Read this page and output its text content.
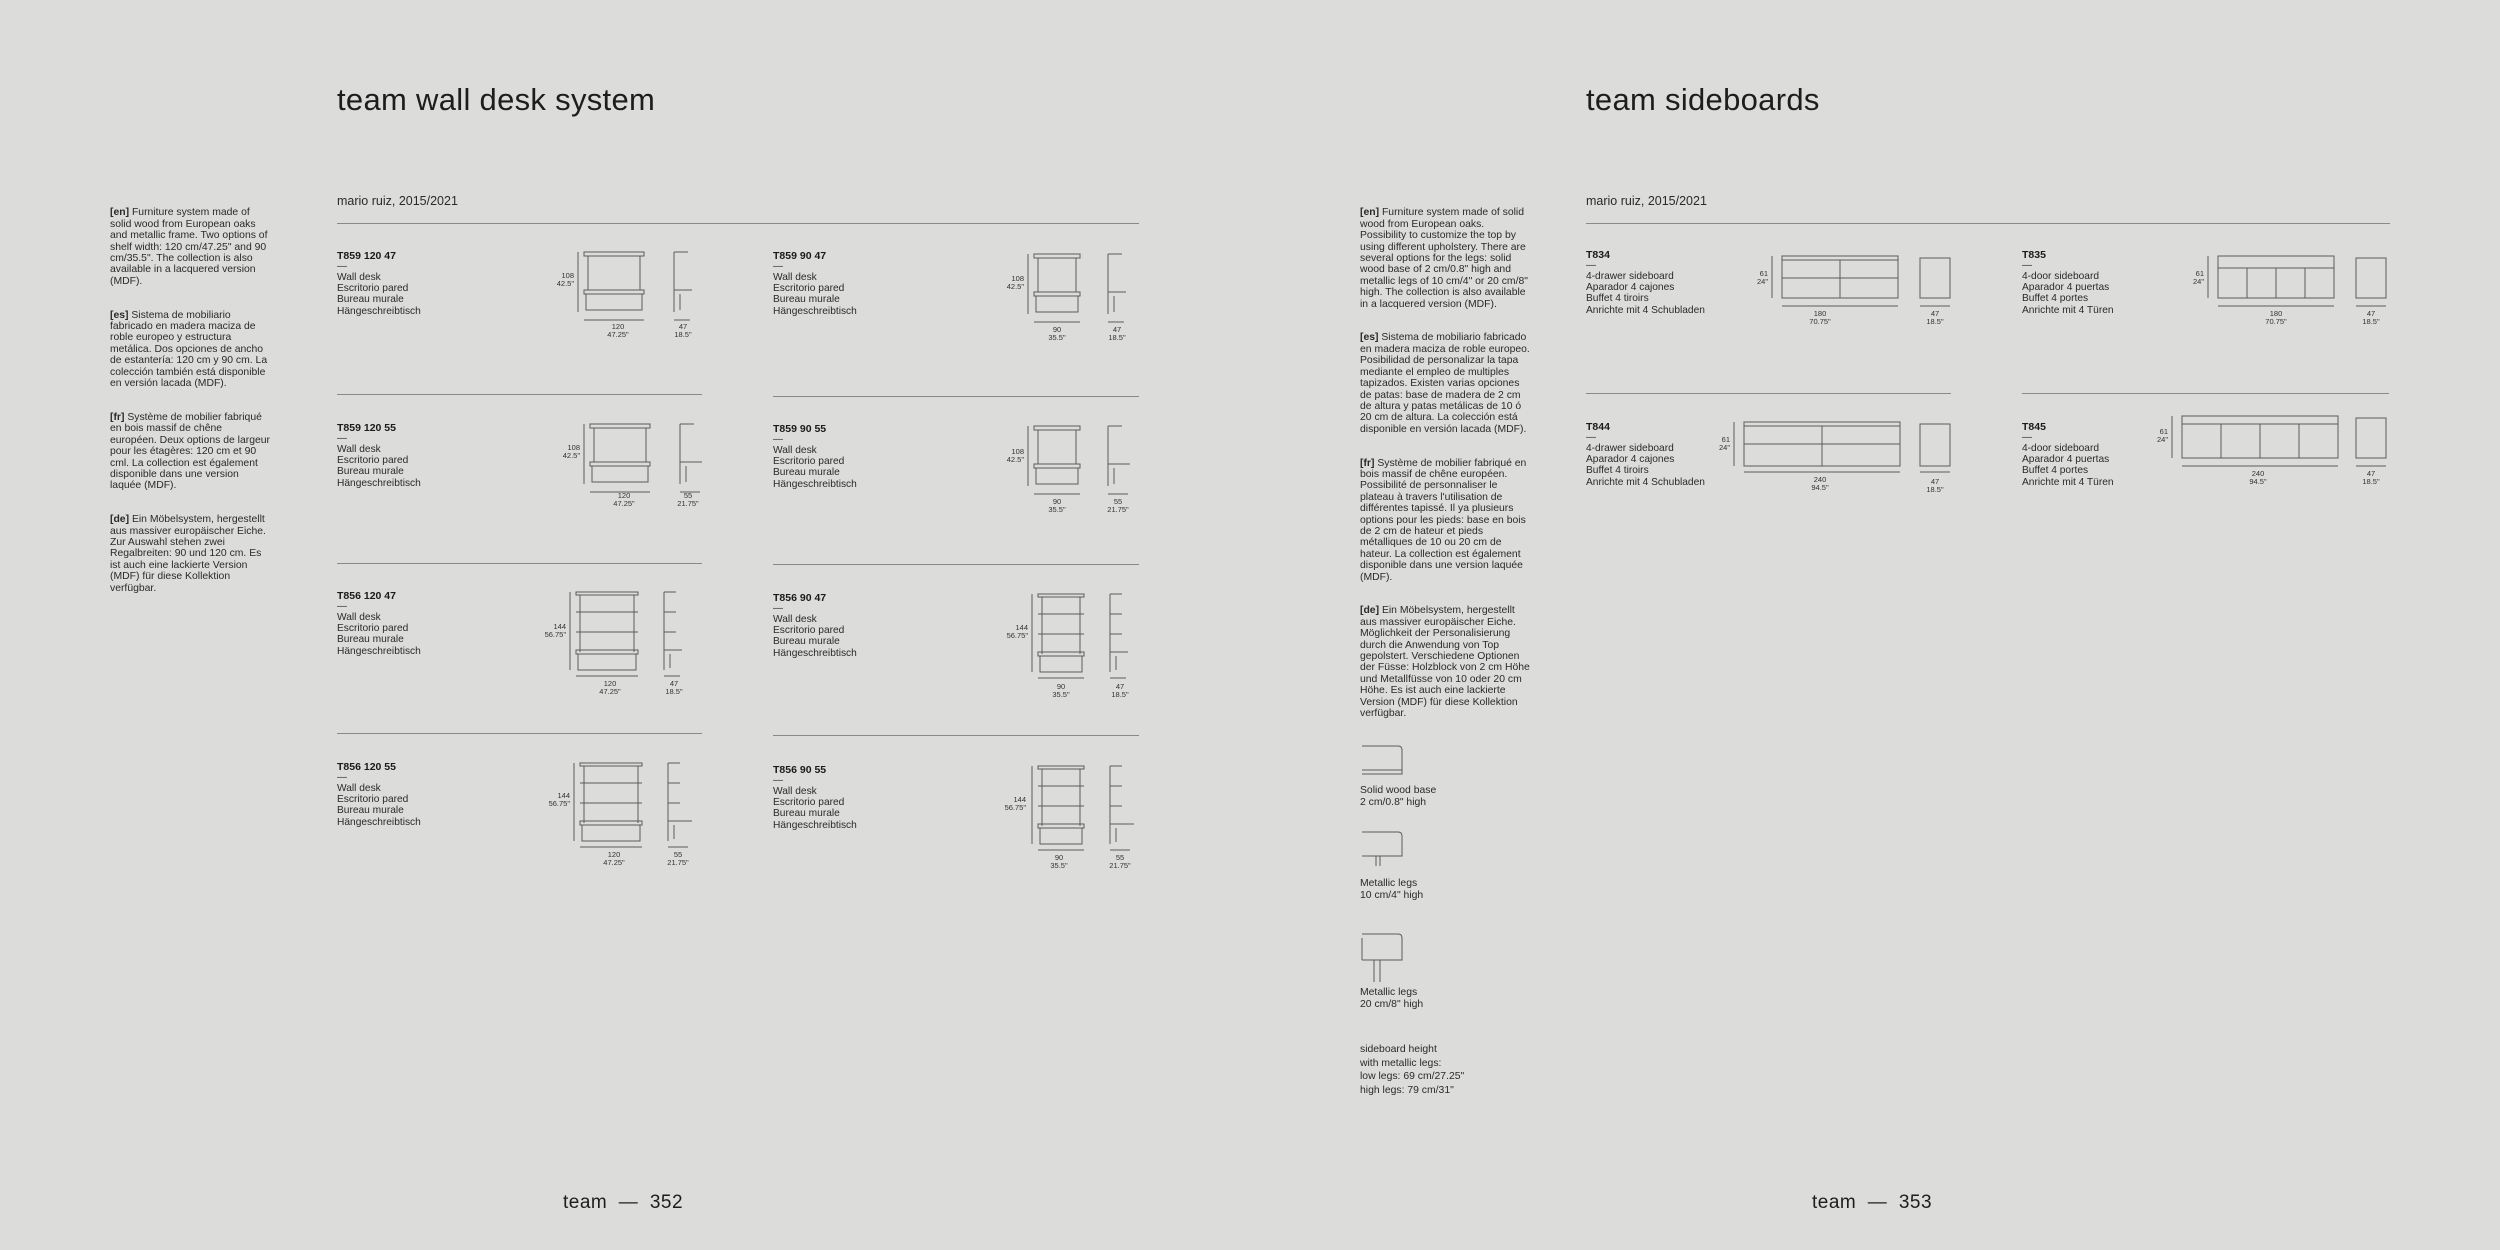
team wall desk system
mario ruiz, 2015/2021

[en] Furniture system made of solid wood from European oaks and metallic frame. Two options of shelf width: 120 cm/47.25" and 90 cm/35.5". The collection is also available in a lacquered version (MDF).

[es] Sistema de mobiliario fabricado en madera maciza de roble europeo y estructura metálica. Dos opciones de ancho de estantería: 120 cm y 90 cm. La colección también está disponible en versión lacada (MDF).

[fr] Système de mobilier fabriqué en bois massif de chêne européen. Deux options de largeur pour les étagères: 120 cm et 90 cml. La collection est également disponible dans une version laquée (MDF).

[de] Ein Möbelsystem, hergestellt aus massiver europäischer Eiche. Zur Auswahl stehen zwei Regalbreiten: 90 und 120 cm. Es ist auch eine lackierte Version (MDF) für diese Kollektion verfügbar.

T859 120 47
—
Wall desk
Escritorio pared
Bureau murale
Hängeschreibtisch
108
42.5"
120
47.25"
47
18.5"
T859 90 47
—
Wall desk
Escritorio pared
Bureau murale
Hängeschreibtisch
108
42.5"
90
35.5"
47
18.5"
T859 120 55
—
Wall desk
Escritorio pared
Bureau murale
Hängeschreibtisch
108
42.5"
120
47.25"
55
21.75"
T859 90 55
—
Wall desk
Escritorio pared
Bureau murale
Hängeschreibtisch
108
42.5"
90
35.5"
55
21.75"
T856 120 47
—
Wall desk
Escritorio pared
Bureau murale
Hängeschreibtisch
144
56.75"
120
47.25"
47
18.5"
T856 90 47
—
Wall desk
Escritorio pared
Bureau murale
Hängeschreibtisch
144
56.75"
90
35.5"
47
18.5"
T856 120 55
—
Wall desk
Escritorio pared
Bureau murale
Hängeschreibtisch
144
56.75"
120
47.25"
55
21.75"
T856 90 55
—
Wall desk
Escritorio pared
Bureau murale
Hängeschreibtisch
144
56.75"
90
35.5"
55
21.75"
team  —  352
team sideboards
mario ruiz, 2015/2021

[en] Furniture system made of solid wood from European oaks. Possibility to customize the top by using different upholstery. There are several options for the legs: solid wood base of 2 cm/0.8" high and metallic legs of 10 cm/4" or 20 cm/8" high. The collection is also available in a lacquered version (MDF).

[es] Sistema de mobiliario fabricado en madera maciza de roble europeo. Posibilidad de personalizar la tapa mediante el empleo de multiples tapizados. Existen varias opciones de patas: base de madera de 2 cm de altura y patas metálicas de 10 ó 20 cm de altura. La colección está disponible en versión lacada (MDF).

[fr] Système de mobilier fabriqué en bois massif de chêne européen. Possibilité de personnaliser le plateau à travers l'utilisation de différentes tapissé. Il ya plusieurs options pour les pieds: base en bois de 2 cm de hateur et pieds métalliques de 10 ou 20 cm de hateur. La collection est également disponible dans une version laquée (MDF).

[de] Ein Möbelsystem, hergestellt aus massiver europäischer Eiche. Möglichkeit der Personalisierung durch die Anwendung von Top gepolstert. Verschiedene Optionen der Füsse: Holzblock von 2 cm Höhe und Metallfüsse von 10 oder 20 cm Höhe. Es ist auch eine lackierte Version (MDF) für diese Kollektion verfügbar.

T834
—
4-drawer sideboard
Aparador 4 cajones
Buffet 4 tiroirs
Anrichte mit 4 Schubladen
61
24"
180
70.75"
47
18.5"
T835
—
4-door sideboard
Aparador 4 puertas
Buffet 4 portes
Anrichte mit 4 Türen
61
24"
180
70.75"
47
18.5"
T844
—
4-drawer sideboard
Aparador 4 cajones
Buffet 4 tiroirs
Anrichte mit 4 Schubladen
61
24"
240
94.5"
47
18.5"
T845
—
4-door sideboard
Aparador 4 puertas
Buffet 4 portes
Anrichte mit 4 Türen
61
24"
240
94.5"
47
18.5"
Solid wood base
2 cm/0.8" high
Metallic legs
10 cm/4" high
Metallic legs
20 cm/8" high
sideboard height
with metallic legs:
low legs: 69 cm/27.25"
high legs: 79 cm/31"
team  —  353
